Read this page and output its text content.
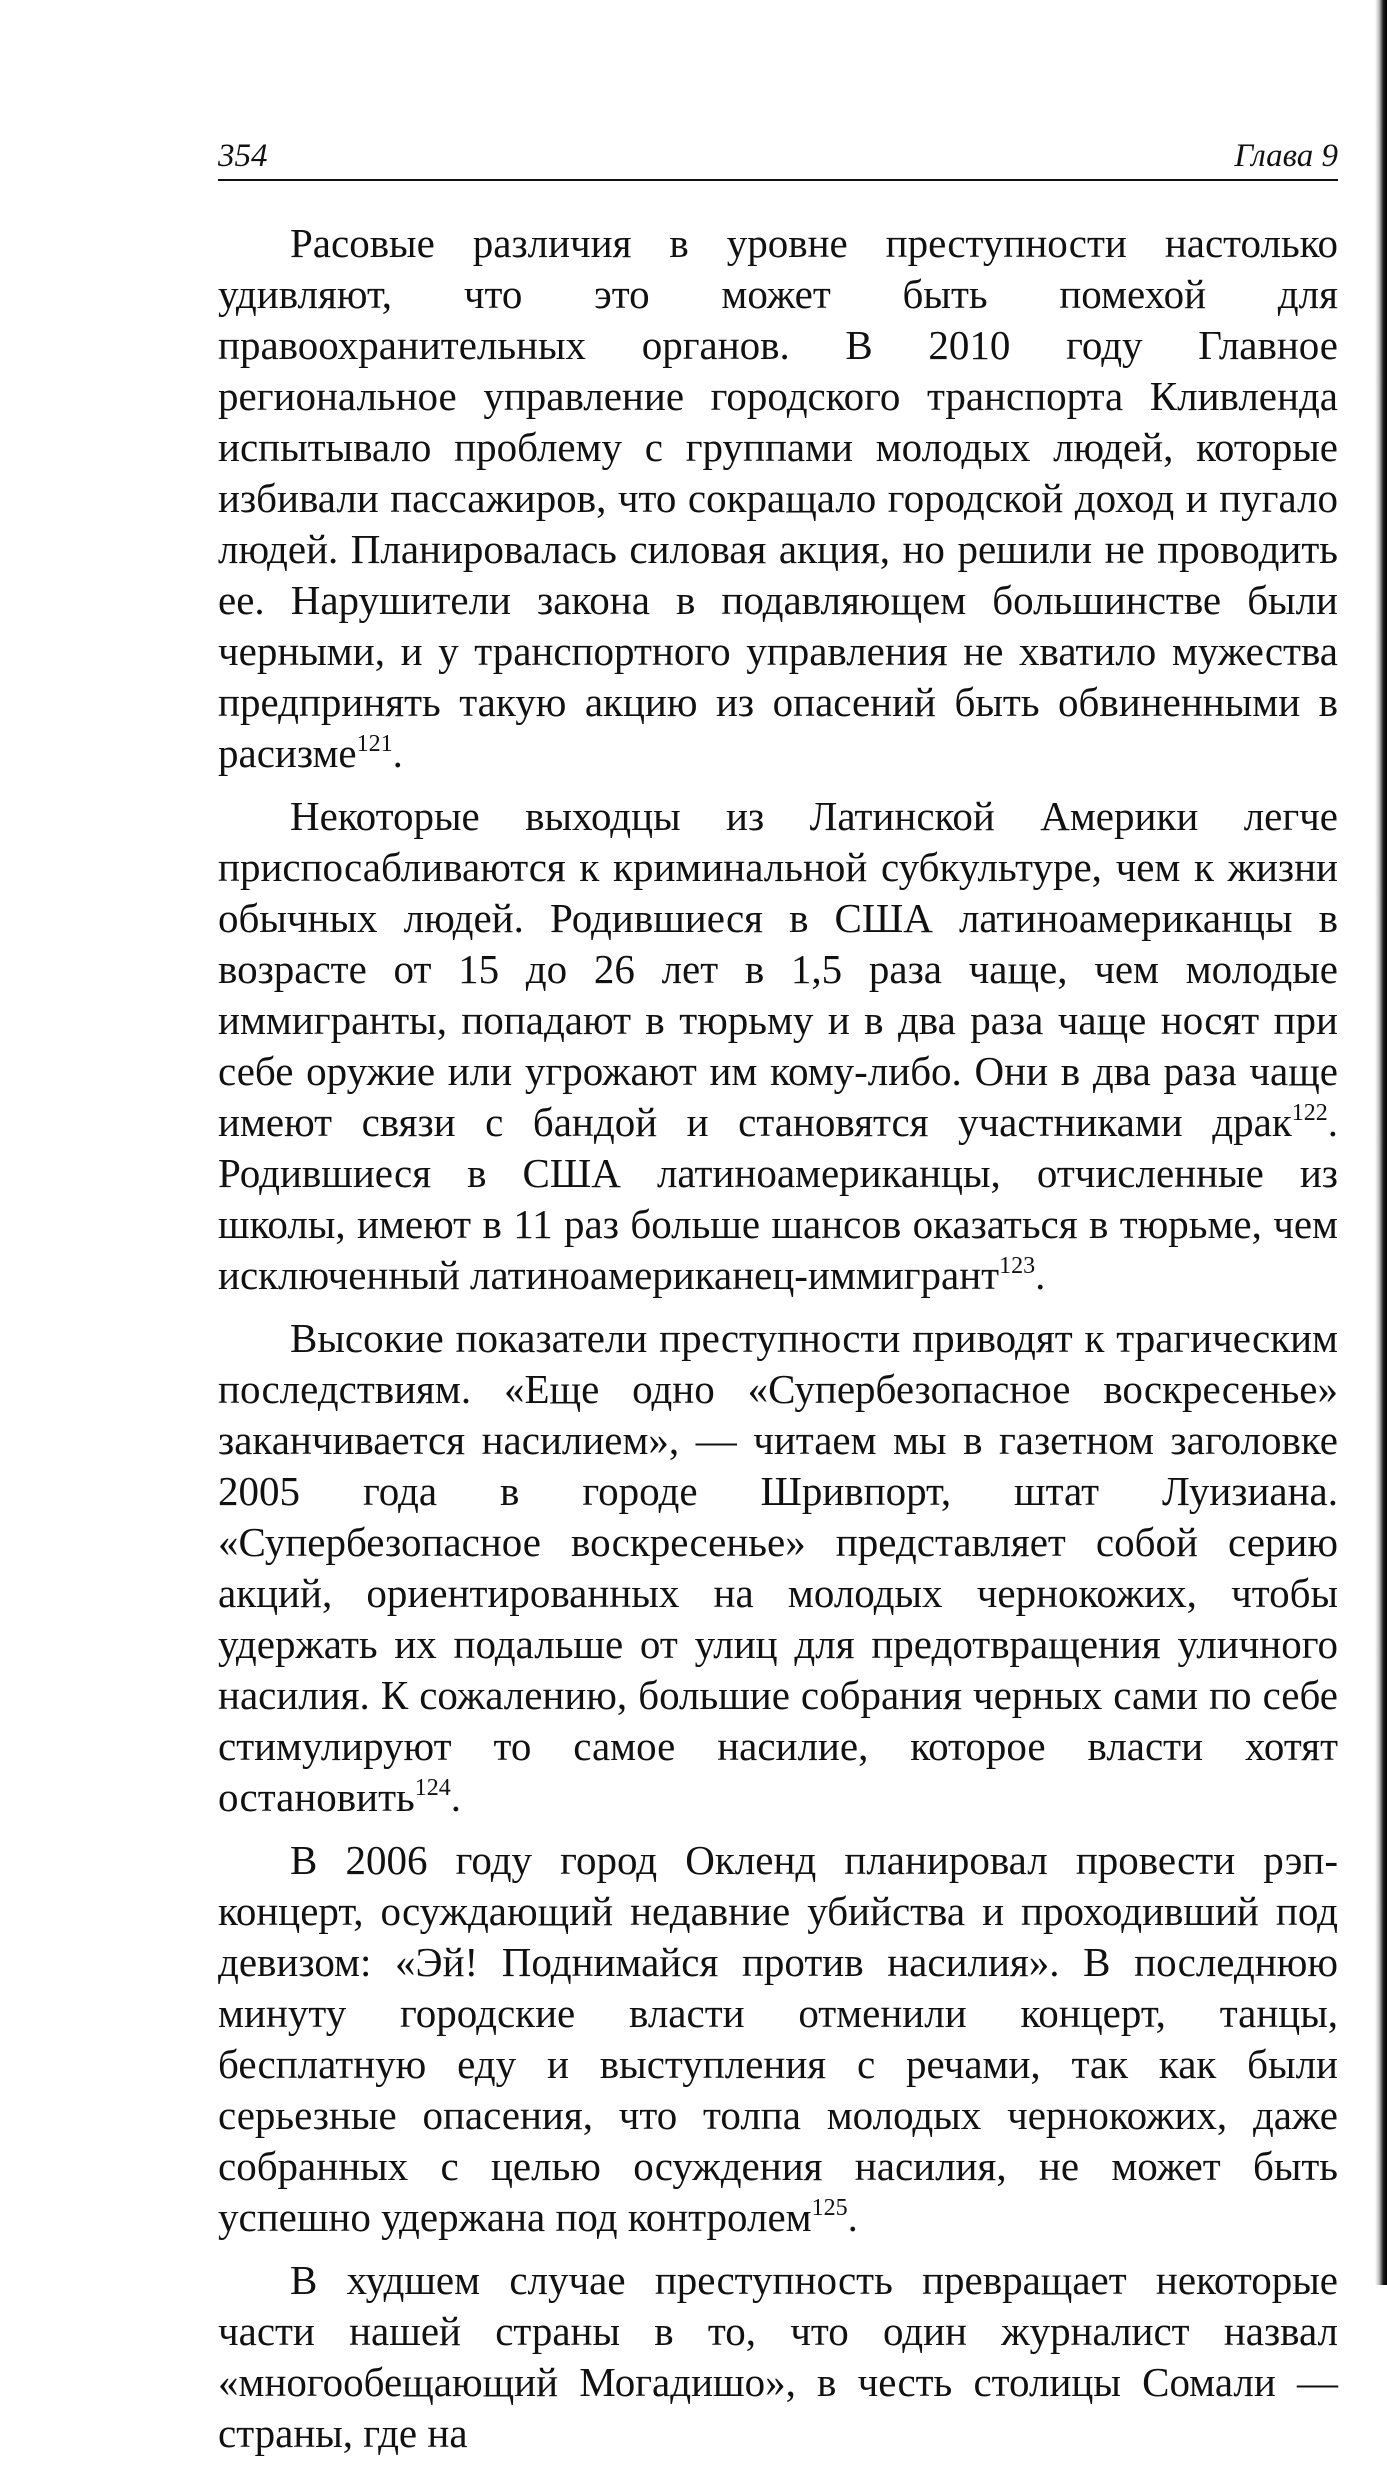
354	Глава 9

Расовые различия в уровне преступности настолько удивляют, что это может быть помехой для правоохранительных органов. В 2010 году Главное региональное управление городского транспорта Кливленда испытывало проблему с группами молодых людей, которые избивали пассажиров, что сокращало городской доход и пугало людей. Планировалась силовая акция, но решили не проводить ее. Нарушители закона в подавляющем большинстве были черными, и у транспортного управления не хватило мужества предпринять такую акцию из опасений быть обвиненными в расизме$^{121}$.

Некоторые выходцы из Латинской Америки легче приспосабливаются к криминальной субкультуре, чем к жизни обычных людей. Родившиеся в США латиноамериканцы в возрасте от 15 до 26 лет в 1,5 раза чаще, чем молодые иммигранты, попадают в тюрьму и в два раза чаще носят при себе оружие или угрожают им кому-либо. Они в два раза чаще имеют связи с бандой и становятся участниками драк$^{122}$. Родившиеся в США латиноамериканцы, отчисленные из школы, имеют в 11 раз больше шансов оказаться в тюрьме, чем исключенный латиноамериканец-иммигрант$^{123}$.

Высокие показатели преступности приводят к трагическим последствиям. «Еще одно «Супербезопасное воскресенье» заканчивается насилием», — читаем мы в газетном заголовке 2005 года в городе Шривпорт, штат Луизиана. «Супербезопасное воскресенье» представляет собой серию акций, ориентированных на молодых чернокожих, чтобы удержать их подальше от улиц для предотвращения уличного насилия. К сожалению, большие собрания черных сами по себе стимулируют то самое насилие, которое власти хотят остановить$^{124}$.

В 2006 году город Окленд планировал провести рэп-концерт, осуждающий недавние убийства и проходивший под девизом: «Эй! Поднимайся против насилия». В последнюю минуту городские власти отменили концерт, танцы, бесплатную еду и выступления с речами, так как были серьезные опасения, что толпа молодых чернокожих, даже собранных с целью осуждения насилия, не может быть успешно удержана под контролем$^{125}$.

В худшем случае преступность превращает некоторые части нашей страны в то, что один журналист назвал «многообещающий Могадишо», в честь столицы Сомали — страны, где на
